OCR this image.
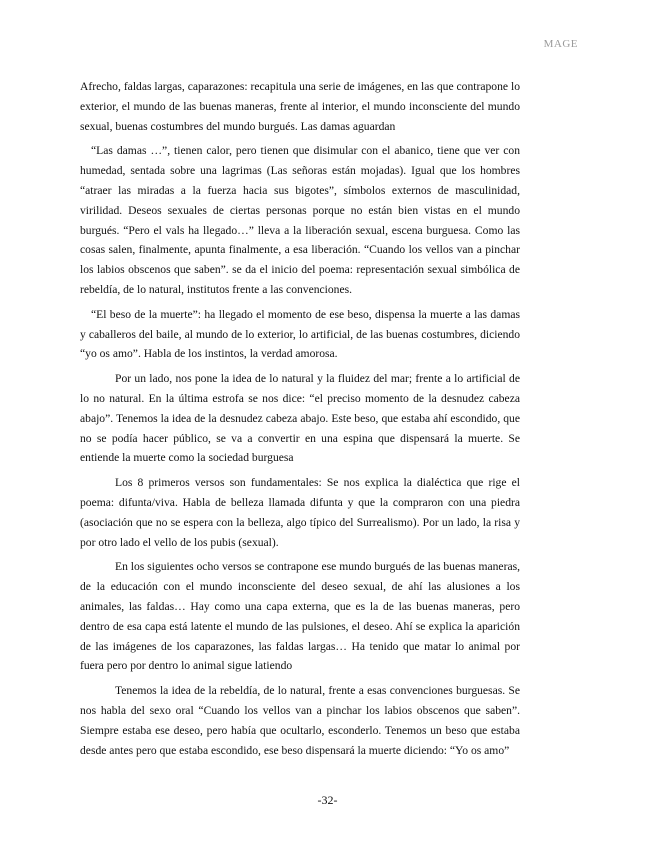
MAGE

Afrecho, faldas largas, caparazones: recapitula una serie de imágenes, en las que contrapone lo exterior, el mundo de las buenas maneras, frente al interior, el mundo inconsciente del mundo sexual, buenas costumbres del mundo burgués. Las damas aguardan

“Las damas …”, tienen calor, pero tienen que disimular con el abanico, tiene que ver con humedad, sentada sobre una lagrimas (Las señoras están mojadas). Igual que los hombres “atraer las miradas a la fuerza hacia sus bigotes”, símbolos externos de masculinidad, virilidad. Deseos sexuales de ciertas personas porque no están bien vistas en el mundo burgués. “Pero el vals ha llegado…” lleva a la liberación sexual, escena burguesa. Como las cosas salen, finalmente, apunta finalmente, a esa liberación. “Cuando los vellos van a pinchar los labios obscenos que saben”. se da el inicio del poema: representación sexual simbólica de rebeldía, de lo natural, institutos frente a las convenciones.

“El beso de la muerte”: ha llegado el momento de ese beso, dispensa la muerte a las damas y caballeros del baile, al mundo de lo exterior, lo artificial, de las buenas costumbres, diciendo “yo os amo”. Habla de los instintos, la verdad amorosa.

Por un lado, nos pone la idea de lo natural y la fluidez del mar; frente a lo artificial de lo no natural. En la última estrofa se nos dice: “el preciso momento de la desnudez cabeza abajo”. Tenemos la idea de la desnudez cabeza abajo. Este beso, que estaba ahí escondido, que no se podía hacer público, se va a convertir en una espina que dispensará la muerte. Se entiende la muerte como la sociedad burguesa

Los 8 primeros versos son fundamentales: Se nos explica la dialéctica que rige el poema: difunta/viva. Habla de belleza llamada difunta y que la compraron con una piedra (asociación que no se espera con la belleza, algo típico del Surrealismo). Por un lado, la risa y por otro lado el vello de los pubis (sexual).

En los siguientes ocho versos se contrapone ese mundo burgués de las buenas maneras, de la educación con el mundo inconsciente del deseo sexual, de ahí las alusiones a los animales, las faldas… Hay como una capa externa, que es la de las buenas maneras, pero dentro de esa capa está latente el mundo de las pulsiones, el deseo. Ahí se explica la aparición de las imágenes de los caparazones, las faldas largas… Ha tenido que matar lo animal por fuera pero por dentro lo animal sigue latiendo

Tenemos la idea de la rebeldía, de lo natural, frente a esas convenciones burguesas. Se nos habla del sexo oral “Cuando los vellos van a pinchar los labios obscenos que saben”. Siempre estaba ese deseo, pero había que ocultarlo, esconderlo. Tenemos un beso que estaba desde antes pero que estaba escondido, ese beso dispensará la muerte diciendo: “Yo os amo”

-32-
